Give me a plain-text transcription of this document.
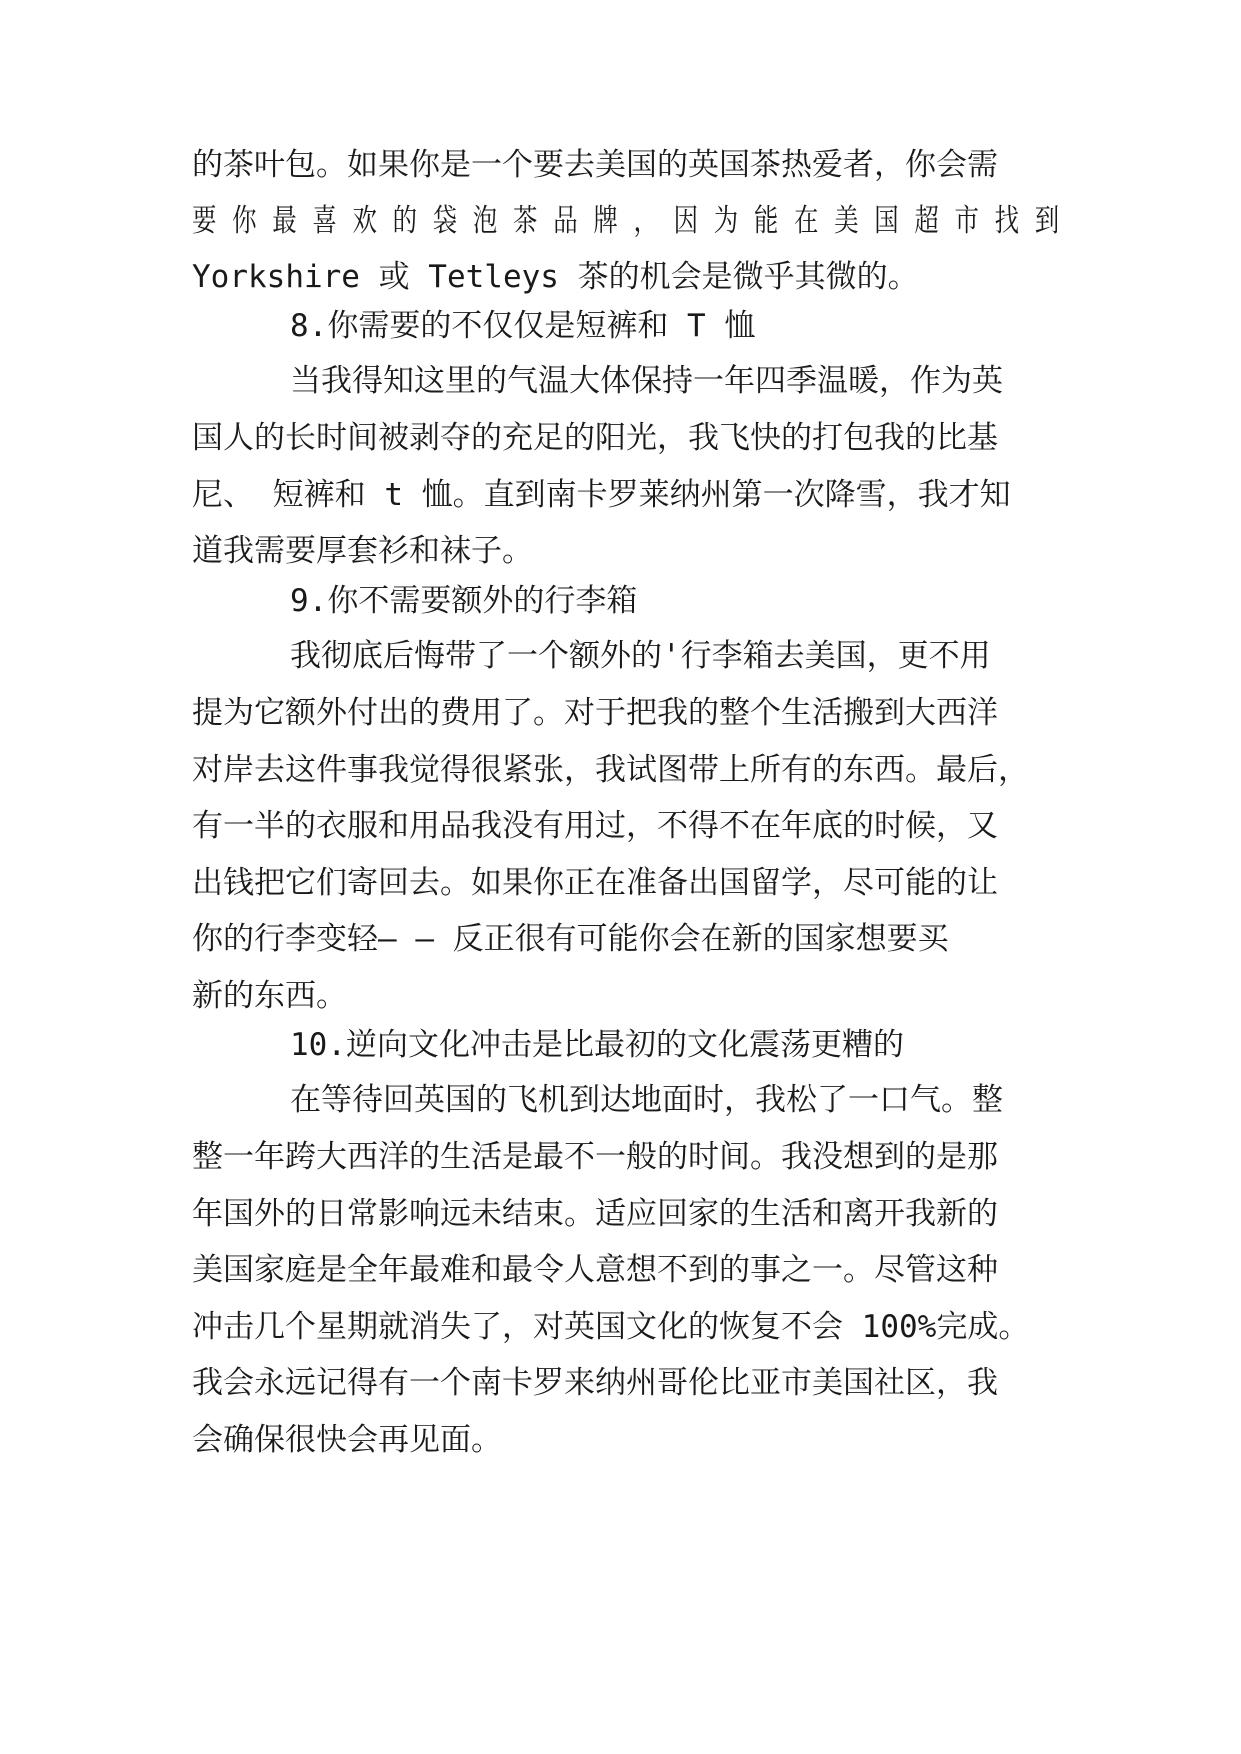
的茶叶包。如果你是一个要去美国的英国茶热爱者，你会需

要 你 最 喜 欢 的 袋 泡 茶 品 牌 ， 因 为 能 在 美 国 超 市 找 到

Yorkshire 或 Tetleys 茶的机会是微乎其微的。

8.你需要的不仅仅是短裤和 T 恤

当我得知这里的气温大体保持一年四季温暖，作为英

国人的长时间被剥夺的充足的阳光，我飞快的打包我的比基

尼、 短裤和 t 恤。直到南卡罗莱纳州第一次降雪，我才知

道我需要厚套衫和袜子。

9.你不需要额外的行李箱

我彻底后悔带了一个额外的'行李箱去美国，更不用

提为它额外付出的费用了。对于把我的整个生活搬到大西洋

对岸去这件事我觉得很紧张，我试图带上所有的东西。最后，

有一半的衣服和用品我没有用过，不得不在年底的时候，又

出钱把它们寄回去。如果你正在准备出国留学，尽可能的让

你的行李变轻— — 反正很有可能你会在新的国家想要买

新的东西。

10.逆向文化冲击是比最初的文化震荡更糟的

在等待回英国的飞机到达地面时，我松了一口气。整

整一年跨大西洋的生活是最不一般的时间。我没想到的是那

年国外的日常影响远未结束。适应回家的生活和离开我新的

美国家庭是全年最难和最令人意想不到的事之一。尽管这种

冲击几个星期就消失了，对英国文化的恢复不会 100%完成。

我会永远记得有一个南卡罗来纳州哥伦比亚市美国社区，我

会确保很快会再见面。
